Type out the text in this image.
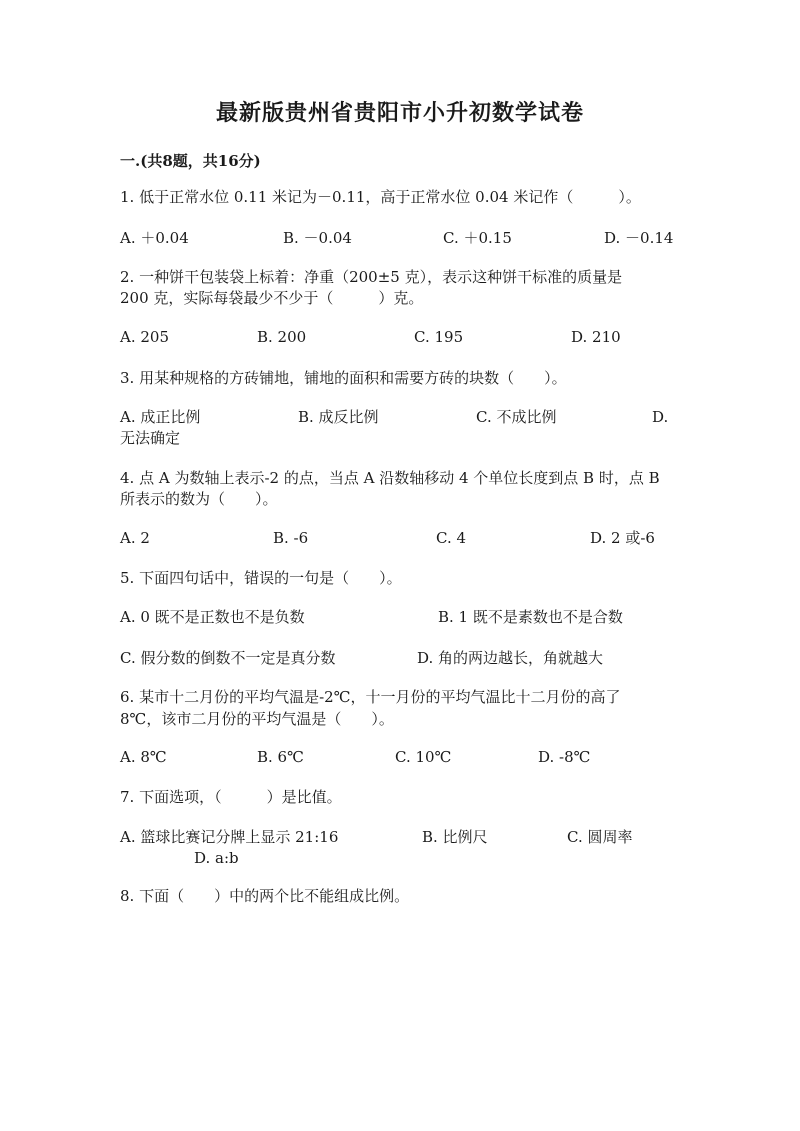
最新版贵州省贵阳市小升初数学试卷
一.(共8题，共16分)
1. 低于正常水位 0.11 米记为－0.11，高于正常水位 0.04 米记作（　　　）。
A. ＋0.04	B. －0.04	C. ＋0.15	D. －0.14
2. 一种饼干包装袋上标着：净重（200±5 克），表示这种饼干标准的质量是
200 克，实际每袋最少不少于（　　　）克。
A. 205	B. 200	C. 195	D. 210
3. 用某种规格的方砖铺地，铺地的面积和需要方砖的块数（　　）。
A. 成正比例	B. 成反比例	C. 不成比例	D.
无法确定
4. 点 A 为数轴上表示-2 的点，当点 A 沿数轴移动 4 个单位长度到点 B 时，点 B
所表示的数为（　　）。
A. 2	B. -6	C. 4	D. 2 或-6
5. 下面四句话中，错误的一句是（　　）。
A. 0 既不是正数也不是负数	B. 1 既不是素数也不是合数
C. 假分数的倒数不一定是真分数	D. 角的两边越长，角就越大
6. 某市十二月份的平均气温是-2℃，十一月份的平均气温比十二月份的高了
8℃，该市二月份的平均气温是（　　）。
A. 8℃	B. 6℃	C. 10℃	D. -8℃
7. 下面选项，（　　　）是比值。
A. 篮球比赛记分牌上显示 21:16	B. 比例尺	C. 圆周率
D. a:b
8. 下面（　　）中的两个比不能组成比例。
